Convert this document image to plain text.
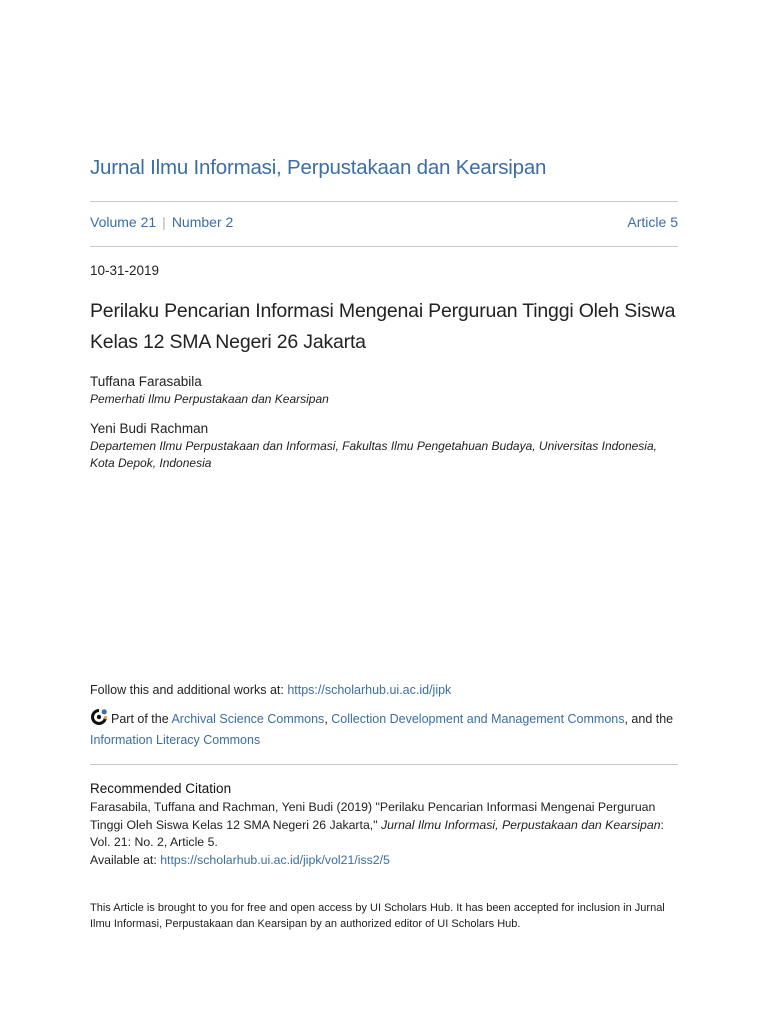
Jurnal Ilmu Informasi, Perpustakaan dan Kearsipan
Volume 21 | Number 2	Article 5
10-31-2019
Perilaku Pencarian Informasi Mengenai Perguruan Tinggi Oleh Siswa Kelas 12 SMA Negeri 26 Jakarta
Tuffana Farasabila
Pemerhati Ilmu Perpustakaan dan Kearsipan
Yeni Budi Rachman
Departemen Ilmu Perpustakaan dan Informasi, Fakultas Ilmu Pengetahuan Budaya, Universitas Indonesia, Kota Depok, Indonesia
Follow this and additional works at: https://scholarhub.ui.ac.id/jipk
Part of the Archival Science Commons, Collection Development and Management Commons, and the
Information Literacy Commons
Recommended Citation
Farasabila, Tuffana and Rachman, Yeni Budi (2019) "Perilaku Pencarian Informasi Mengenai Perguruan Tinggi Oleh Siswa Kelas 12 SMA Negeri 26 Jakarta," Jurnal Ilmu Informasi, Perpustakaan dan Kearsipan: Vol. 21: No. 2, Article 5.
Available at: https://scholarhub.ui.ac.id/jipk/vol21/iss2/5
This Article is brought to you for free and open access by UI Scholars Hub. It has been accepted for inclusion in Jurnal Ilmu Informasi, Perpustakaan dan Kearsipan by an authorized editor of UI Scholars Hub.
